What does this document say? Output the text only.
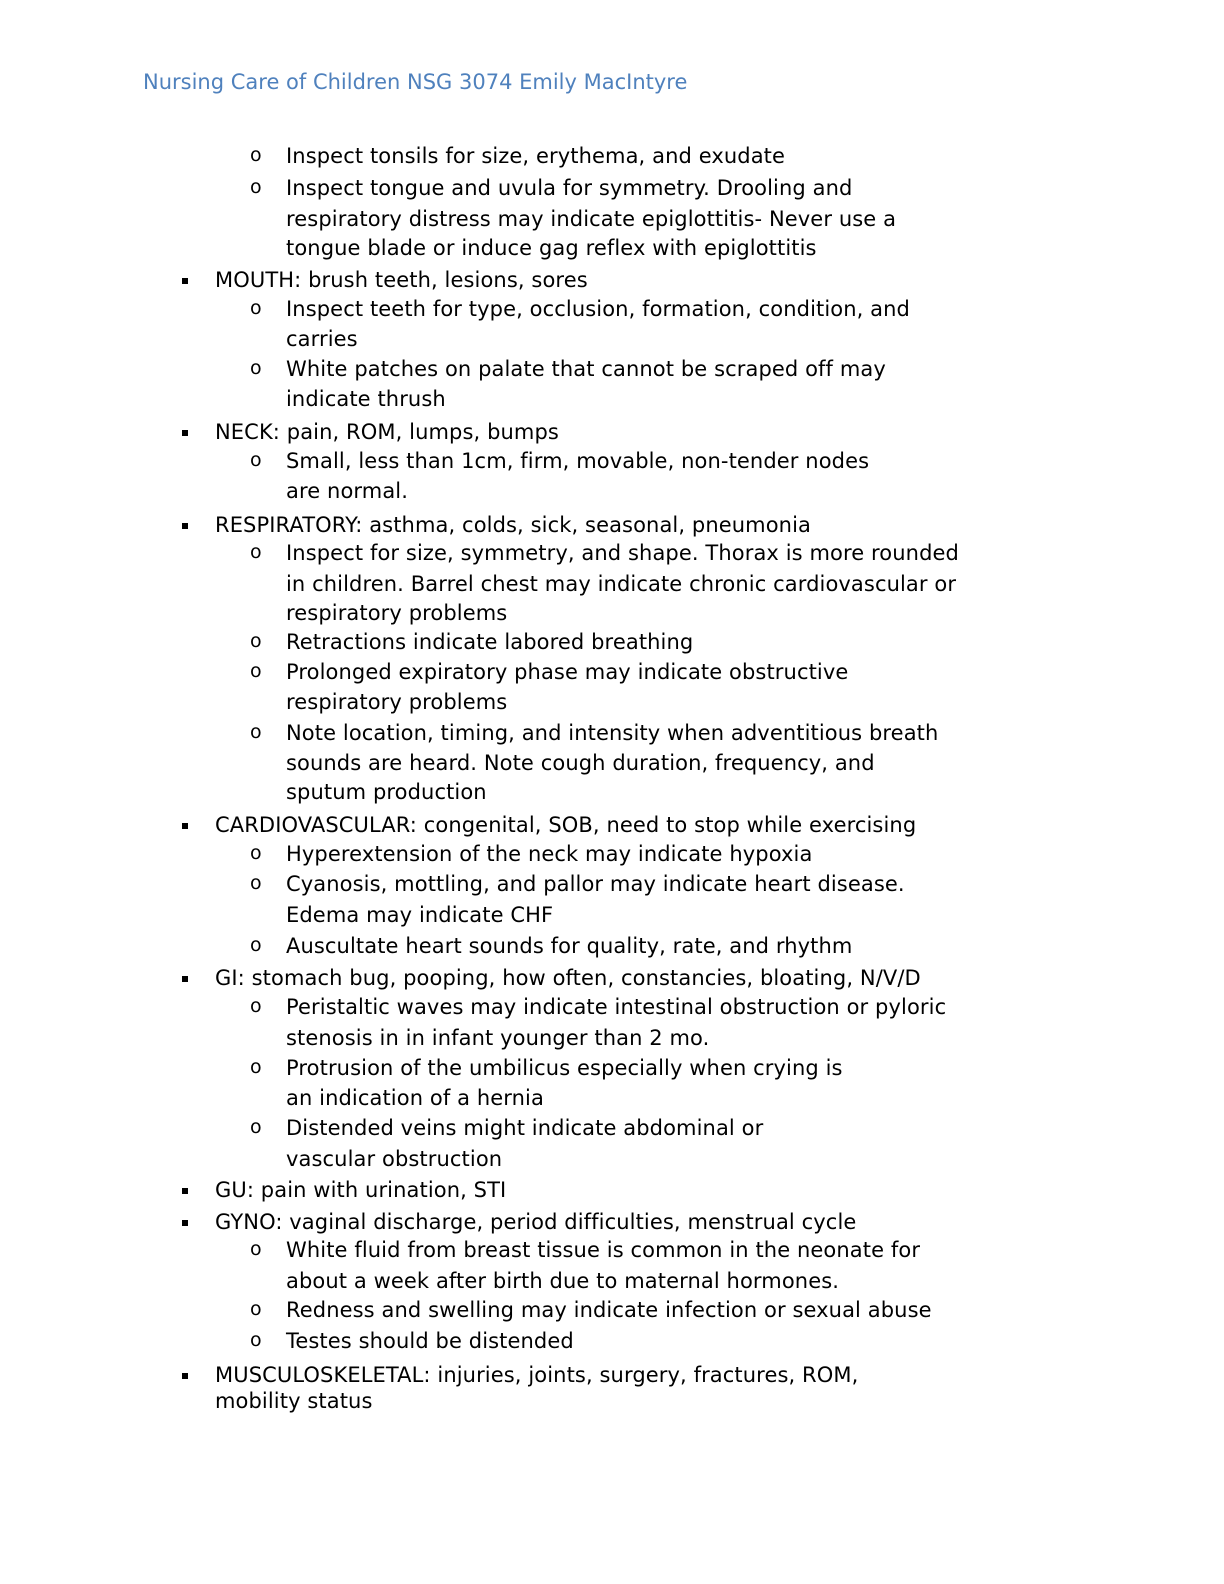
Nursing Care of Children NSG 3074 Emily MacIntyre
o Inspect tonsils for size, erythema, and exudate
o Inspect tongue and uvula for symmetry. Drooling and
respiratory distress may indicate epiglottitis- Never use a
tongue blade or induce gag reflex with epiglottitis
MOUTH: brush teeth, lesions, sores
o Inspect teeth for type, occlusion, formation, condition, and
carries
o White patches on palate that cannot be scraped off may
indicate thrush
NECK: pain, ROM, lumps, bumps
o Small, less than 1cm, firm, movable, non-tender nodes
are normal.
RESPIRATORY: asthma, colds, sick, seasonal, pneumonia
o Inspect for size, symmetry, and shape. Thorax is more rounded
in children. Barrel chest may indicate chronic cardiovascular or
respiratory problems
o Retractions indicate labored breathing
o Prolonged expiratory phase may indicate obstructive
respiratory problems
o Note location, timing, and intensity when adventitious breath
sounds are heard. Note cough duration, frequency, and
sputum production
CARDIOVASCULAR: congenital, SOB, need to stop while exercising
o Hyperextension of the neck may indicate hypoxia
o Cyanosis, mottling, and pallor may indicate heart disease.
Edema may indicate CHF
o Auscultate heart sounds for quality, rate, and rhythm
GI: stomach bug, pooping, how often, constancies, bloating, N/V/D
o Peristaltic waves may indicate intestinal obstruction or pyloric
stenosis in in infant younger than 2 mo.
o Protrusion of the umbilicus especially when crying is
an indication of a hernia
o Distended veins might indicate abdominal or
vascular obstruction
GU: pain with urination, STI
GYNO: vaginal discharge, period difficulties, menstrual cycle
o White fluid from breast tissue is common in the neonate for
about a week after birth due to maternal hormones.
o Redness and swelling may indicate infection or sexual abuse
o Testes should be distended
MUSCULOSKELETAL: injuries, joints, surgery, fractures, ROM,
mobility status
